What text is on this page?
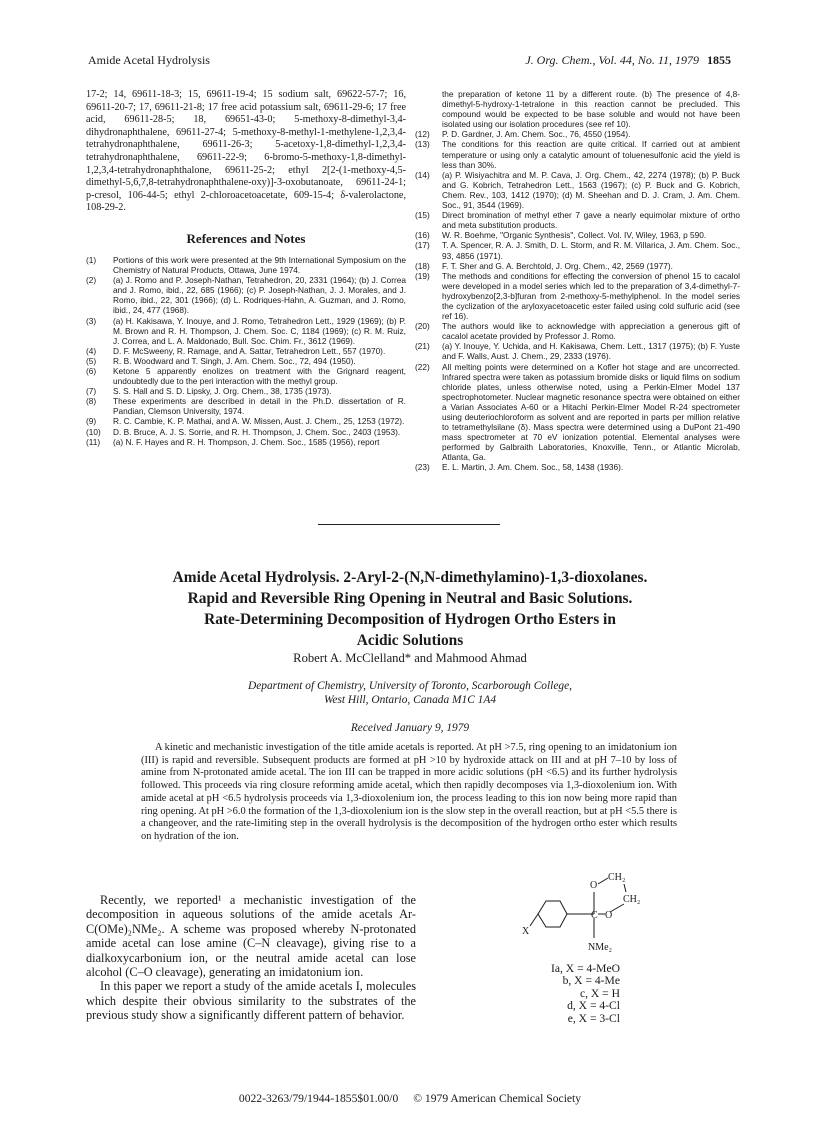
Amide Acetal Hydrolysis	J. Org. Chem., Vol. 44, No. 11, 1979 1855
17-2; 14, 69611-18-3; 15, 69611-19-4; 15 sodium salt, 69622-57-7; 16, 69611-20-7; 17, 69611-21-8; 17 free acid potassium salt, 69611-29-6; 17 free acid, 69611-28-5; 18, 69651-43-0; 5-methoxy-8-dimethyl-3,4-dihydronaphthalene, 69611-27-4; 5-methoxy-8-methyl-1-methylene-1,2,3,4-tetrahydronaphthalene, 69611-26-3; 5-acetoxy-1,8-dimethyl-1,2,3,4-tetrahydronaphthalene, 69611-22-9; 6-bromo-5-methoxy-1,8-dimethyl-1,2,3,4-tetrahydronaphthalone, 69611-25-2; ethyl 2[2-(1-methoxy-4,5-dimethyl-5,6,7,8-tetrahydronaphthalene-oxy)]-3-oxobutanoate, 69611-24-1; p-cresol, 106-44-5; ethyl 2-chloroacetoacetate, 609-15-4; δ-valerolactone, 108-29-2.
References and Notes
(1)	Portions of this work were presented at the 9th International Symposium on the Chemistry of Natural Products, Ottawa, June 1974.
(2)	(a) J. Romo and P. Joseph-Nathan, Tetrahedron, 20, 2331 (1964); (b) J. Correa and J. Romo, ibid., 22, 685 (1966); (c) P. Joseph-Nathan, J. J. Morales, and J. Romo, ibid., 22, 301 (1966); (d) L. Rodriques-Hahn, A. Guzman, and J. Romo, ibid., 24, 477 (1968).
(3)	(a) H. Kakisawa, Y. Inouye, and J. Romo, Tetrahedron Lett., 1929 (1969); (b) P. M. Brown and R. H. Thompson, J. Chem. Soc. C, 1184 (1969); (c) R. M. Ruiz, J. Correa, and L. A. Maldonado, Bull. Soc. Chim. Fr., 3612 (1969).
(4)	D. F. McSweeny, R. Ramage, and A. Sattar, Tetrahedron Lett., 557 (1970).
(5)	R. B. Woodward and T. Singh, J. Am. Chem. Soc., 72, 494 (1950).
(6)	Ketone 5 apparently enolizes on treatment with the Grignard reagent, undoubtedly due to the peri interaction with the methyl group.
(7)	S. S. Hall and S. D. Lipsky, J. Org. Chem., 38, 1735 (1973).
(8)	These experiments are described in detail in the Ph.D. dissertation of R. Pandian, Clemson University, 1974.
(9)	R. C. Cambie, K. P. Mathai, and A. W. Missen, Aust. J. Chem., 25, 1253 (1972).
(10)	D. B. Bruce, A. J. S. Sorrie, and R. H. Thompson, J. Chem. Soc., 2403 (1953).
(11)	(a) N. F. Hayes and R. H. Thompson, J. Chem. Soc., 1585 (1956), report
the preparation of ketone 11 by a different route. (b) The presence of 4,8-dimethyl-5-hydroxy-1-tetralone in this reaction cannot be precluded. This compound would be expected to be base soluble and would not have been isolated using our isolation procedures (see ref 10).
(12)	P. D. Gardner, J. Am. Chem. Soc., 76, 4550 (1954).
(13)	The conditions for this reaction are quite critical. If carried out at ambient temperature or using only a catalytic amount of toluenesulfonic acid the yield is less than 30%.
(14)	(a) P. Wisiyachitra and M. P. Cava, J. Org. Chem., 42, 2274 (1978); (b) P. Buck and G. Kobrich, Tetrahedron Lett., 1563 (1967); (c) P. Buck and G. Kobrich, Chem. Rev., 103, 1412 (1970); (d) M. Sheehan and D. J. Cram, J. Am. Chem. Soc., 91, 3544 (1969).
(15)	Direct bromination of methyl ether 7 gave a nearly equimolar mixture of ortho and meta substitution products.
(16)	W. R. Boehme, "Organic Synthesis", Collect. Vol. IV, Wiley, 1963, p 590.
(17)	T. A. Spencer, R. A. J. Smith, D. L. Storm, and R. M. Villarica, J. Am. Chem. Soc., 93, 4856 (1971).
(18)	F. T. Sher and G. A. Berchtold, J. Org. Chem., 42, 2569 (1977).
(19)	The methods and conditions for effecting the conversion of phenol 15 to cacalol were developed in a model series which led to the preparation of 3,4-dimethyl-7-hydroxybenzo[2,3-b]furan from 2-methoxy-5-methylphenol. In the model series the cyclization of the aryloxyacetoacetic ester failed using cold sulfuric acid (see ref 16).
(20)	The authors would like to acknowledge with appreciation a generous gift of cacalol acetate provided by Professor J. Romo.
(21)	(a) Y. Inouye, Y. Uchida, and H. Kakisawa, Chem. Lett., 1317 (1975); (b) F. Yuste and F. Walls, Aust. J. Chem., 29, 2333 (1976).
(22)	All melting points were determined on a Kofler hot stage and are uncorrected. Infrared spectra were taken as potassium bromide disks or liquid films on sodium chloride plates, unless otherwise noted, using a Perkin-Elmer Model 137 spectrophotometer. Nuclear magnetic resonance spectra were obtained on either a Varian Associates A-60 or a Hitachi Perkin-Elmer Model R-24 spectrometer using deuteriochloroform as solvent and are reported in parts per million relative to tetramethylsilane (δ). Mass spectra were determined using a DuPont 21-490 mass spectrometer at 70 eV ionization potential. Elemental analyses were performed by Galbraith Laboratories, Knoxville, Tenn., or Atlantic Microlab, Atlanta, Ga.
(23)	E. L. Martin, J. Am. Chem. Soc., 58, 1438 (1936).
Amide Acetal Hydrolysis. 2-Aryl-2-(N,N-dimethylamino)-1,3-dioxolanes.
Rapid and Reversible Ring Opening in Neutral and Basic Solutions.
Rate-Determining Decomposition of Hydrogen Ortho Esters in
Acidic Solutions
Robert A. McClelland* and Mahmood Ahmad
Department of Chemistry, University of Toronto, Scarborough College,
West Hill, Ontario, Canada M1C 1A4
Received January 9, 1979
A kinetic and mechanistic investigation of the title amide acetals is reported. At pH >7.5, ring opening to an imidatonium ion (III) is rapid and reversible. Subsequent products are formed at pH >10 by hydroxide attack on III and at pH 7–10 by loss of amine from N-protonated amide acetal. The ion III can be trapped in more acidic solutions (pH <6.5) and its further hydrolysis followed. This proceeds via ring closure reforming amide acetal, which then rapidly decomposes via 1,3-dioxolenium ion. With amide acetal at pH <6.5 hydrolysis proceeds via 1,3-dioxolenium ion, the process leading to this ion now being more rapid than ring opening. At pH >6.0 the formation of the 1,3-dioxolenium ion is the slow step in the overall reaction, but at pH <5.5 there is a changeover, and the rate-limiting step in the overall hydrolysis is the decomposition of the hydrogen ortho ester which results on hydration of the ion.

Recently, we reported¹ a mechanistic investigation of the decomposition in aqueous solutions of the amide acetals Ar-C(OMe)₂NMe₂. A scheme was proposed whereby N-protonated amide acetal can lose amine (C–N cleavage), giving rise to a dialkoxycarbonium ion, or the neutral amide acetal can lose alcohol (C–O cleavage), generating an imidatonium ion.

In this paper we report a study of the amide acetals I, molecules which despite their obvious similarity to the substrates of the previous study show a significantly different pattern of behavior.

O
CH₂
CH₂
O
C
X
NMe₂
Ia, X = 4-MeO
b, X = 4-Me
c, X = H
d, X = 4-Cl
e, X = 3-Cl
0022-3263/79/1944-1855$01.00/0 © 1979 American Chemical Society
